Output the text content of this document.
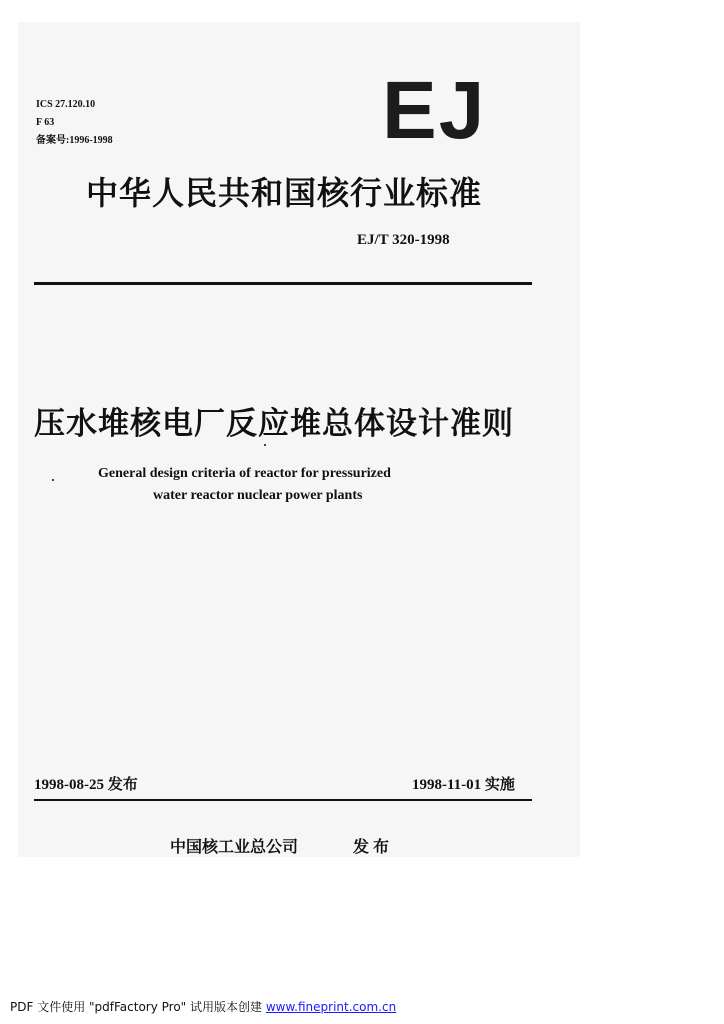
ICS 27.120.10
F 63
备案号:1996-1998	EJ
中华人民共和国核行业标准
EJ/T 320-1998
压水堆核电厂反应堆总体设计准则
General design criteria of reactor for pressurized
water reactor nuclear power plants
1998-08-25 发布	1998-11-01 实施
中国核工业总公司	发布
PDF 文件使用 "pdfFactory Pro" 试用版本创建 www.fineprint.com.cn
